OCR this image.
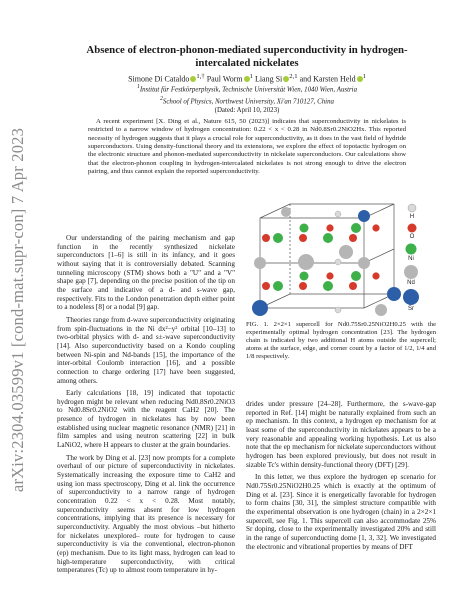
arXiv:2304.03599v1 [cond-mat.supr-con] 7 Apr 2023
Absence of electron-phonon-mediated superconductivity in hydrogen-intercalated nickelates
Simone Di Cataldo $^{1,\dagger}$ Paul Worm $^1$ Liang Si $^{2,1}$ and Karsten Held $^1$
$^1$Institut für Festkörperphysik, Technische Universität Wien, 1040 Wien, Austria
$^2$School of Physics, Northwest University, Xi'an 710127, China
(Dated: April 10, 2023)
A recent experiment [X. Ding et al., Nature 615, 50 (2023)] indicates that superconductivity in nickelates is restricted to a narrow window of hydrogen concentration: 0.22 < x < 0.28 in Nd0.8Sr0.2NiO2Hx. This reported necessity of hydrogen suggests that it plays a crucial role for superconductivity, as it does in the vast field of hydride superconductors. Using density-functional theory and its extensions, we explore the effect of topotactic hydrogen on the electronic structure and phonon-mediated superconductivity in nickelate superconductors. Our calculations show that the electron-phonon coupling in hydrogen-intercalated nickelates is not strong enough to drive the electron pairing, and thus cannot explain the reported superconductivity.

Our understanding of the pairing mechanism and gap function in the recently synthesized nickelate superconductors [1–6] is still in its infancy, and it goes without saying that it is controversially debated. Scanning tunneling microscopy (STM) shows both a "U" and a "V" shape gap [7], depending on the precise position of the tip on the surface and indicative of a d- and s-wave gap, respectively. Fits to the London penetration depth either point to a nodeless [8] or a nodal [9] gap.

Theories range from d-wave superconductivity originating from spin-fluctuations in the Ni dx²−y² orbital [10–13] to two-orbital physics with d- and s±-wave superconductivity [14]. Also superconductivity based on a Kondo coupling between Ni-spin and Nd-bands [15], the importance of the inter-orbital Coulomb interaction [16], and a possible connection to charge ordering [17] have been suggested, among others.

Early calculations [18, 19] indicated that topotactic hydrogen might be relevant when reducing Nd0.8Sr0.2NiO3 to Nd0.8Sr0.2NiO2 with the reagent CaH2 [20]. The presence of hydrogen in nickelates has by now been established using nuclear magnetic resonance (NMR) [21] in film samples and using neutron scattering [22] in bulk LaNiO2, where H appears to cluster at the grain boundaries.

The work by Ding et al. [23] now prompts for a complete overhaul of our picture of superconductivity in nickelates. Systematically increasing the exposure time to CaH2 and using ion mass spectroscopy, Ding et al. link the occurrence of superconductivity to a narrow range of hydrogen concentration 0.22 < x < 0.28. Most notably, superconductivity seems absent for low hydrogen concentrations, implying that its presence is necessary for superconductivity. Arguably the most obvious –but hitherto for nickelates unexplored– route for hydrogen to cause superconductivity is via the conventional, electron-phonon (ep) mechanism. Due to its light mass, hydrogen can lead to high-temperature superconductivity, with critical temperatures (Tc) up to almost room temperature in hy-

H
O
Ni
Nd
Sr
FIG. 1. 2×2×1 supercell for Nd0.75Sr0.25NiO2H0.25 with the experimentally optimal hydrogen concentration [23]. The hydrogen chain is indicated by two additional H atoms outside the supercell; atoms at the surface, edge, and corner count by a factor of 1/2, 1/4 and 1/8 respectively.

drides under pressure [24–28]. Furthermore, the s-wave-gap reported in Ref. [14] might be naturally explained from such an ep mechanism. In this context, a hydrogen ep mechanism for at least some of the superconductivity in nickelates appears to be a very reasonable and appealing working hypothesis. Let us also note that the ep mechanism for nickelate superconductors without hydrogen has been explored previously, but does not result in sizable Tc's within density-functional theory (DFT) [29].

In this letter, we thus explore the hydrogen ep scenario for Nd0.75Sr0.25NiO2H0.25 which is exactly at the optimum of Ding et al. [23]. Since it is energetically favorable for hydrogen to form chains [30, 31], the simplest structure compatible with the experimental observation is one hydrogen (chain) in a 2×2×1 supercell, see Fig. 1. This supercell can also accommodate 25% Sr doping, close to the experimentally investigated 20% and still in the range of superconducting dome [1, 3, 32]. We investigated the electronic and vibrational properties by means of DFT
